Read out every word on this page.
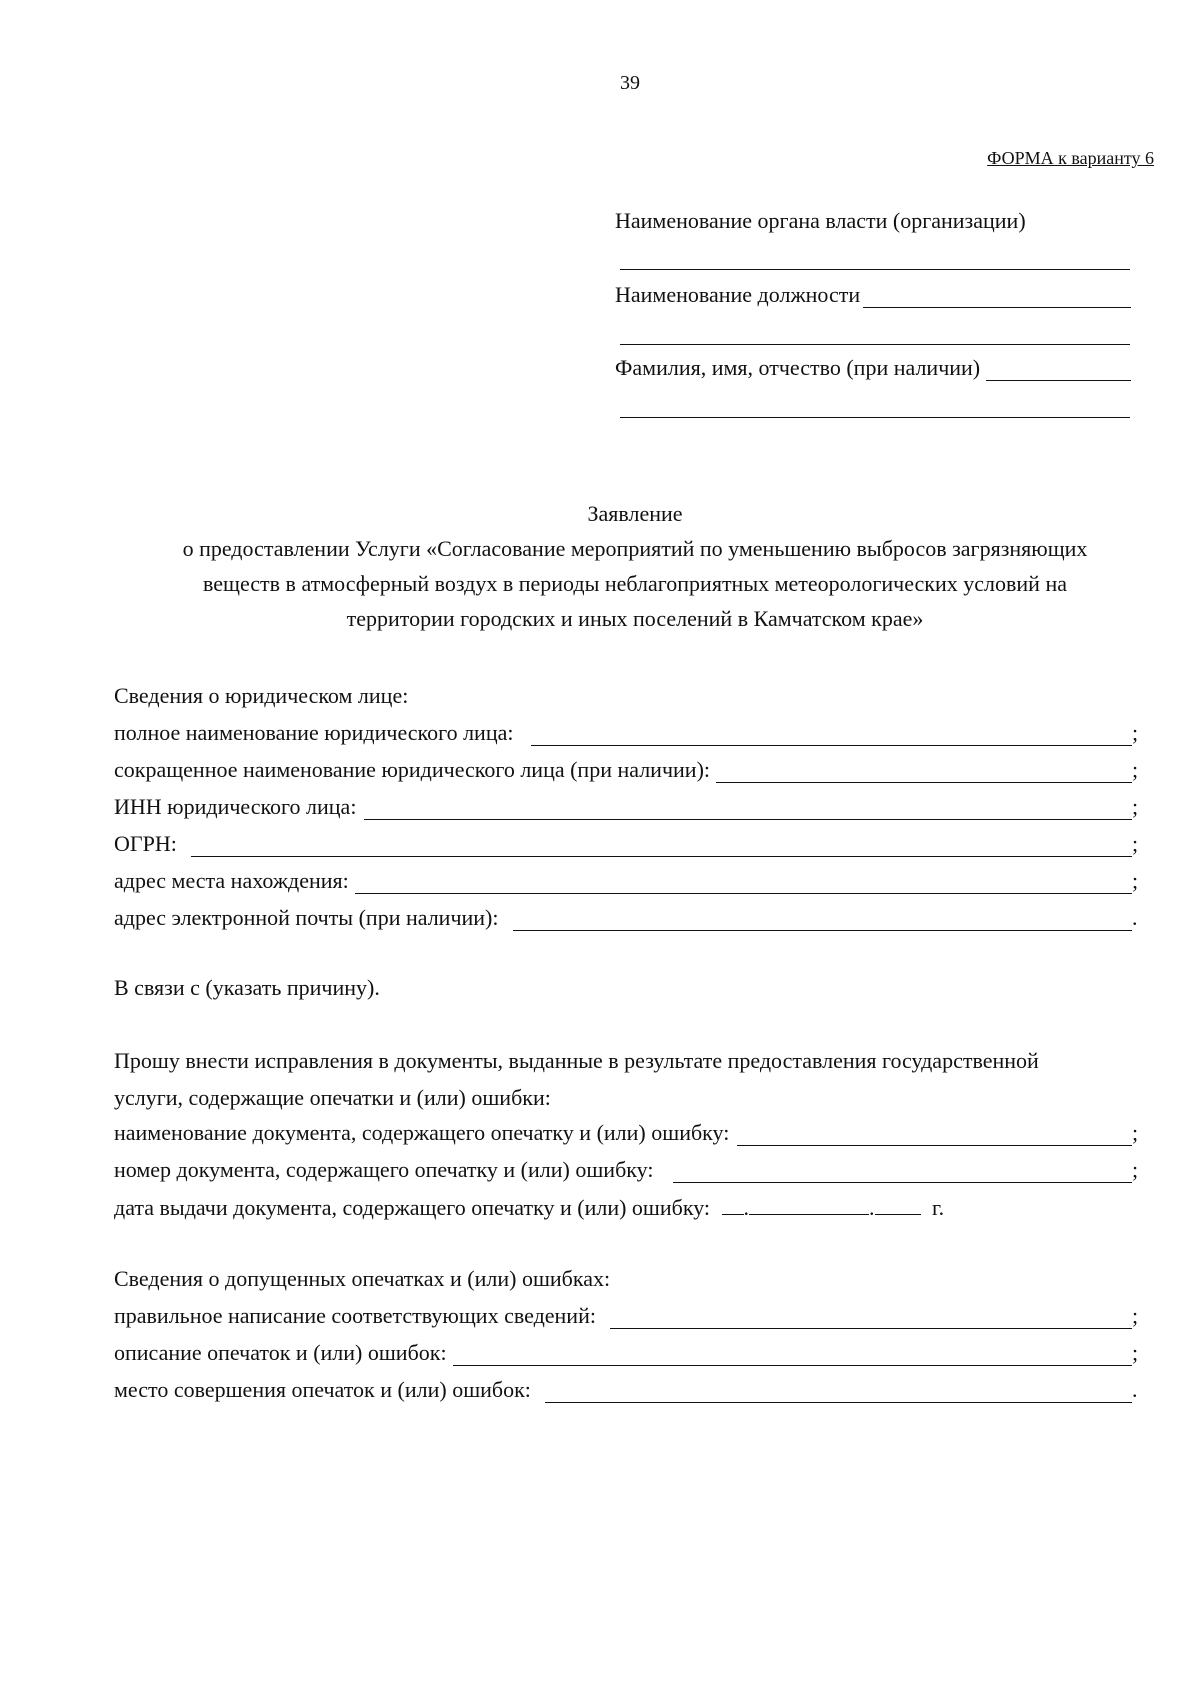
39
ФОРМА к варианту 6
Наименование органа власти (организации)
Наименование должности
Фамилия, имя, отчество (при наличии)
Заявление
о предоставлении Услуги «Согласование мероприятий по уменьшению выбросов загрязняющих
веществ в атмосферный воздух в периоды неблагоприятных метеорологических условий на
территории городских и иных поселений в Камчатском крае»
Сведения о юридическом лице:
полное наименование юридического лица:	;
сокращенное наименование юридического лица (при наличии):	;
ИНН юридического лица:	;
ОГРН:	;
адрес места нахождения:	;
адрес электронной почты (при наличии):	.
В связи с (указать причину).
Прошу внести исправления в документы, выданные в результате предоставления государственной
услуги, содержащие опечатки и (или) ошибки:
наименование документа, содержащего опечатку и (или) ошибку:	;
номер документа, содержащего опечатку и (или) ошибку:	;
дата выдачи документа, содержащего опечатку и (или) ошибку: .	.	г.
Сведения о допущенных опечатках и (или) ошибках:
правильное написание соответствующих сведений:	;
описание опечаток и (или) ошибок:	;
место совершения опечаток и (или) ошибок:	.
